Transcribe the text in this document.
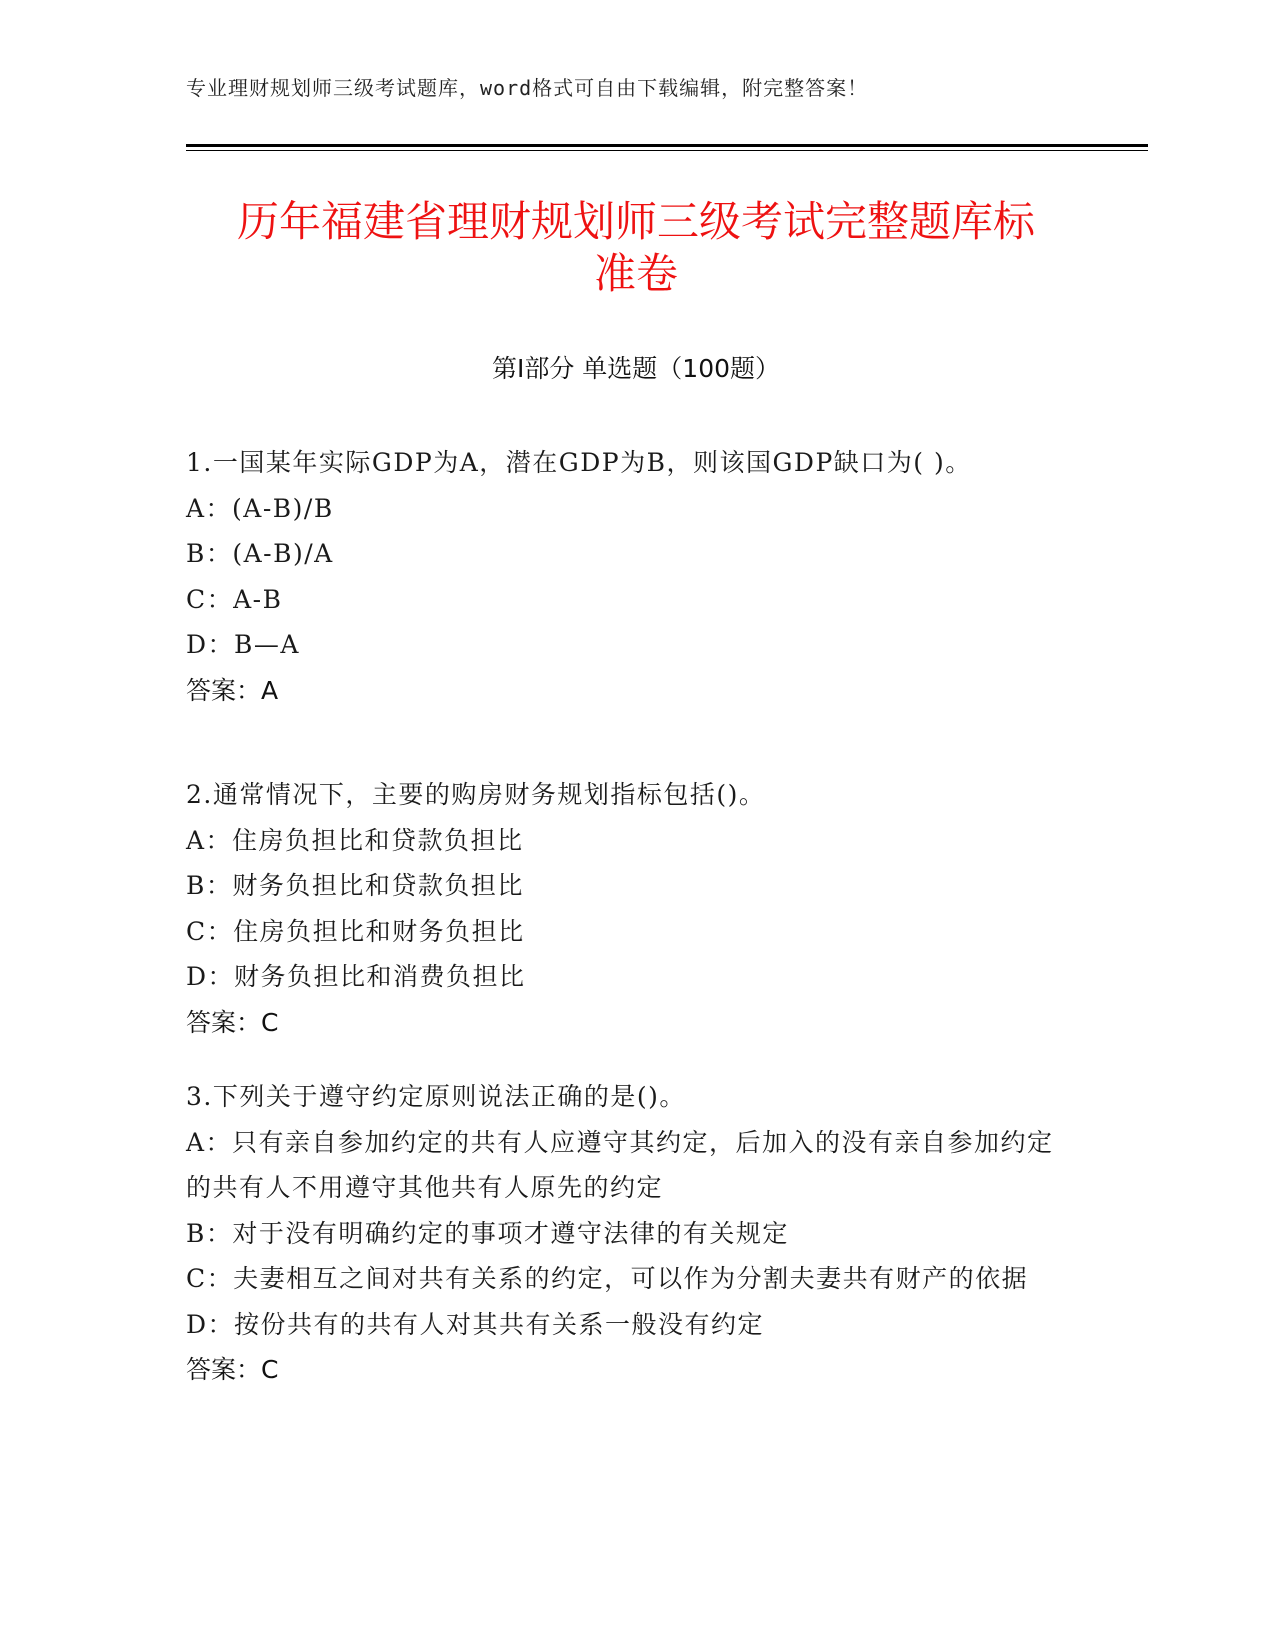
专业理财规划师三级考试题库，word格式可自由下载编辑，附完整答案！
历年福建省理财规划师三级考试完整题库标
准卷
第Ⅰ部分 单选题（100题）
1.一国某年实际GDP为A，潜在GDP为B，则该国GDP缺口为( )。
A：(A-B)/B
B：(A-B)/A
C：A-B
D：B—A
答案：A
2.通常情况下，主要的购房财务规划指标包括()。
A：住房负担比和贷款负担比
B：财务负担比和贷款负担比
C：住房负担比和财务负担比
D：财务负担比和消费负担比
答案：C
3.下列关于遵守约定原则说法正确的是()。
A：只有亲自参加约定的共有人应遵守其约定，后加入的没有亲自参加约定的共有人不用遵守其他共有人原先的约定
B：对于没有明确约定的事项才遵守法律的有关规定
C：夫妻相互之间对共有关系的约定，可以作为分割夫妻共有财产的依据
D：按份共有的共有人对其共有关系一般没有约定
答案：C
